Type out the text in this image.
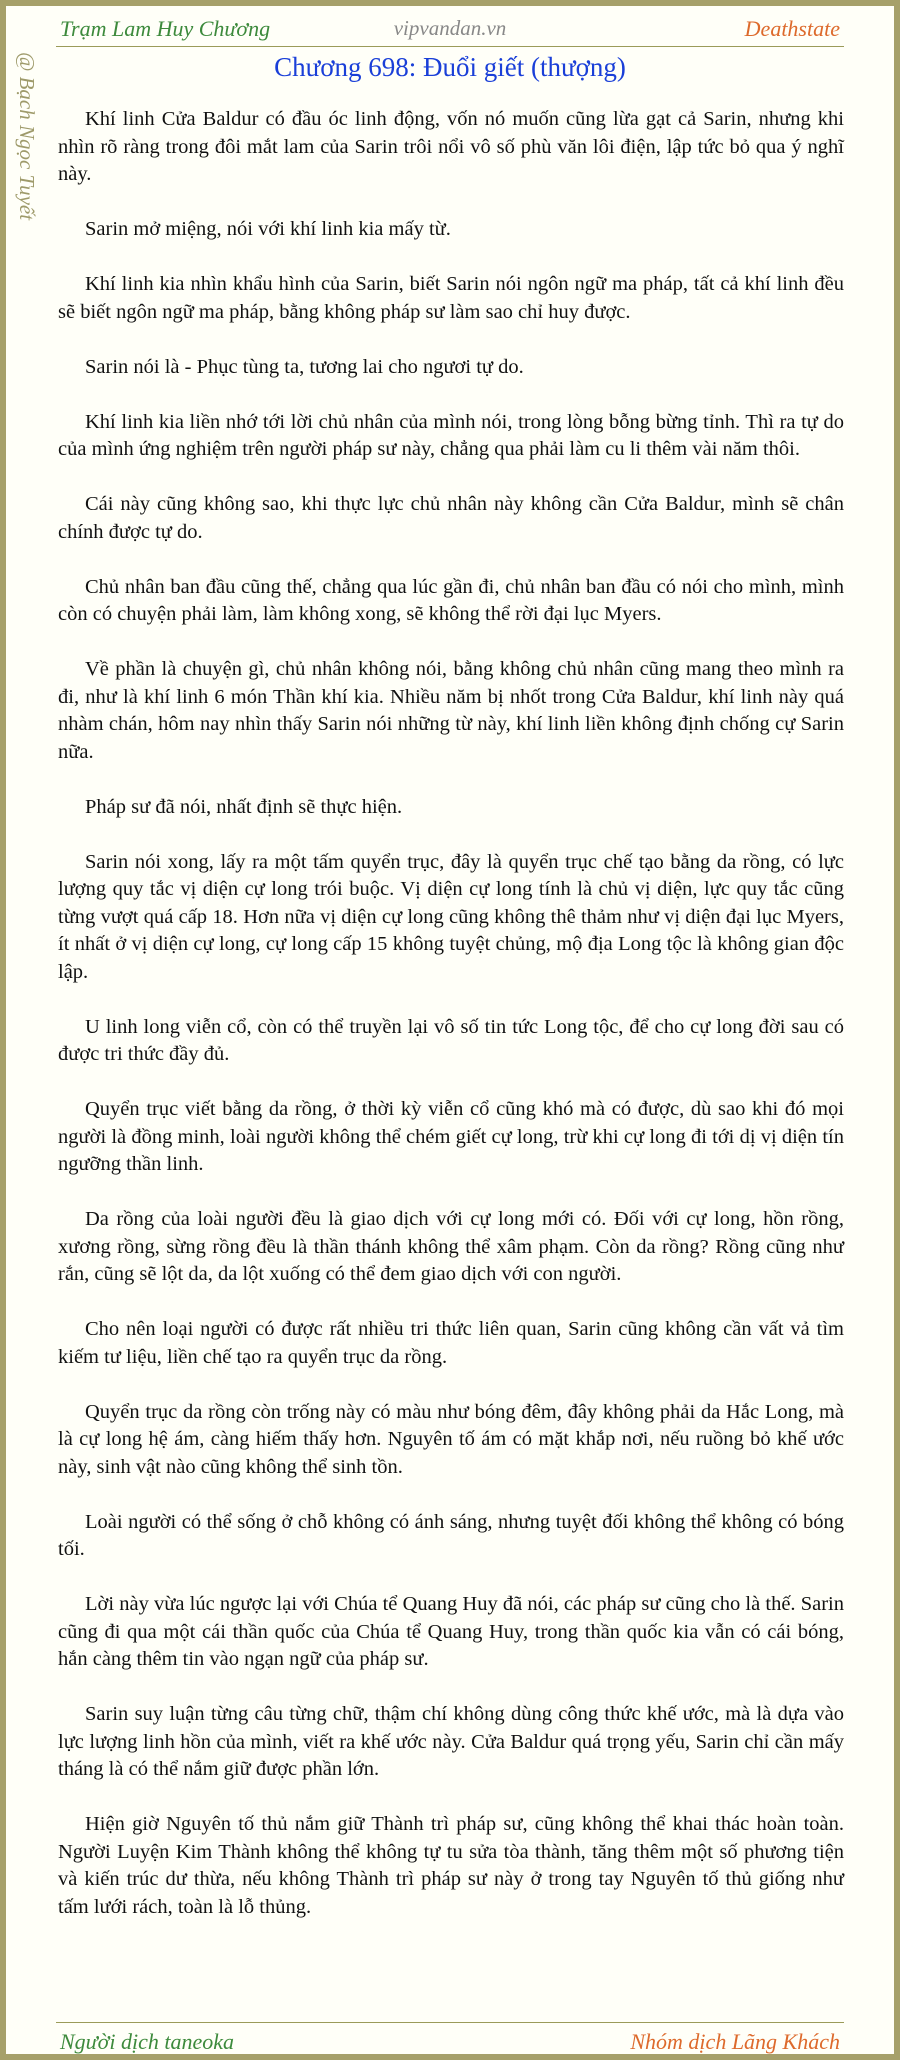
Trạm Lam Huy Chương	vipvandan.vn	Deathstate
@ Bạch Ngọc Tuyết	Chương 698: Đuổi giết (thượng)

Khí linh Cửa Baldur có đầu óc linh động, vốn nó muốn cũng lừa gạt cả Sarin, nhưng khi nhìn rõ ràng trong đôi mắt lam của Sarin trôi nổi vô số phù văn lôi điện, lập tức bỏ qua ý nghĩ này.

Sarin mở miệng, nói với khí linh kia mấy từ.

Khí linh kia nhìn khẩu hình của Sarin, biết Sarin nói ngôn ngữ ma pháp, tất cả khí linh đều sẽ biết ngôn ngữ ma pháp, bằng không pháp sư làm sao chỉ huy được.

Sarin nói là - Phục tùng ta, tương lai cho ngươi tự do.

Khí linh kia liền nhớ tới lời chủ nhân của mình nói, trong lòng bỗng bừng tỉnh. Thì ra tự do của mình ứng nghiệm trên người pháp sư này, chẳng qua phải làm cu li thêm vài năm thôi.

Cái này cũng không sao, khi thực lực chủ nhân này không cần Cửa Baldur, mình sẽ chân chính được tự do.

Chủ nhân ban đầu cũng thế, chẳng qua lúc gần đi, chủ nhân ban đầu có nói cho mình, mình còn có chuyện phải làm, làm không xong, sẽ không thể rời đại lục Myers.

Về phần là chuyện gì, chủ nhân không nói, bằng không chủ nhân cũng mang theo mình ra đi, như là khí linh 6 món Thần khí kia. Nhiều năm bị nhốt trong Cửa Baldur, khí linh này quá nhàm chán, hôm nay nhìn thấy Sarin nói những từ này, khí linh liền không định chống cự Sarin nữa.

Pháp sư đã nói, nhất định sẽ thực hiện.

Sarin nói xong, lấy ra một tấm quyển trục, đây là quyển trục chế tạo bằng da rồng, có lực lượng quy tắc vị diện cự long trói buộc. Vị diện cự long tính là chủ vị diện, lực quy tắc cũng từng vượt quá cấp 18. Hơn nữa vị diện cự long cũng không thê thảm như vị diện đại lục Myers, ít nhất ở vị diện cự long, cự long cấp 15 không tuyệt chủng, mộ địa Long tộc là không gian độc lập.

U linh long viễn cổ, còn có thể truyền lại vô số tin tức Long tộc, để cho cự long đời sau có được tri thức đầy đủ.

Quyển trục viết bằng da rồng, ở thời kỳ viễn cổ cũng khó mà có được, dù sao khi đó mọi người là đồng minh, loài người không thể chém giết cự long, trừ khi cự long đi tới dị vị diện tín ngưỡng thần linh.

Da rồng của loài người đều là giao dịch với cự long mới có. Đối với cự long, hồn rồng, xương rồng, sừng rồng đều là thần thánh không thể xâm phạm. Còn da rồng? Rồng cũng như rắn, cũng sẽ lột da, da lột xuống có thể đem giao dịch với con người.

Cho nên loại người có được rất nhiều tri thức liên quan, Sarin cũng không cần vất vả tìm kiếm tư liệu, liền chế tạo ra quyển trục da rồng.

Quyển trục da rồng còn trống này có màu như bóng đêm, đây không phải da Hắc Long, mà là cự long hệ ám, càng hiếm thấy hơn. Nguyên tố ám có mặt khắp nơi, nếu ruồng bỏ khế ước này, sinh vật nào cũng không thể sinh tồn.

Loài người có thể sống ở chỗ không có ánh sáng, nhưng tuyệt đối không thể không có bóng tối.

Lời này vừa lúc ngược lại với Chúa tể Quang Huy đã nói, các pháp sư cũng cho là thế. Sarin cũng đi qua một cái thần quốc của Chúa tể Quang Huy, trong thần quốc kia vẫn có cái bóng, hắn càng thêm tin vào ngạn ngữ của pháp sư.

Sarin suy luận từng câu từng chữ, thậm chí không dùng công thức khế ước, mà là dựa vào lực lượng linh hồn của mình, viết ra khế ước này. Cửa Baldur quá trọng yếu, Sarin chỉ cần mấy tháng là có thể nắm giữ được phần lớn.

Hiện giờ Nguyên tố thủ nắm giữ Thành trì pháp sư, cũng không thể khai thác hoàn toàn. Người Luyện Kim Thành không thể không tự tu sửa tòa thành, tăng thêm một số phương tiện và kiến trúc dư thừa, nếu không Thành trì pháp sư này ở trong tay Nguyên tố thủ giống như tấm lưới rách, toàn là lỗ thủng.

Người dịch taneoka	Nhóm dịch Lãng Khách
